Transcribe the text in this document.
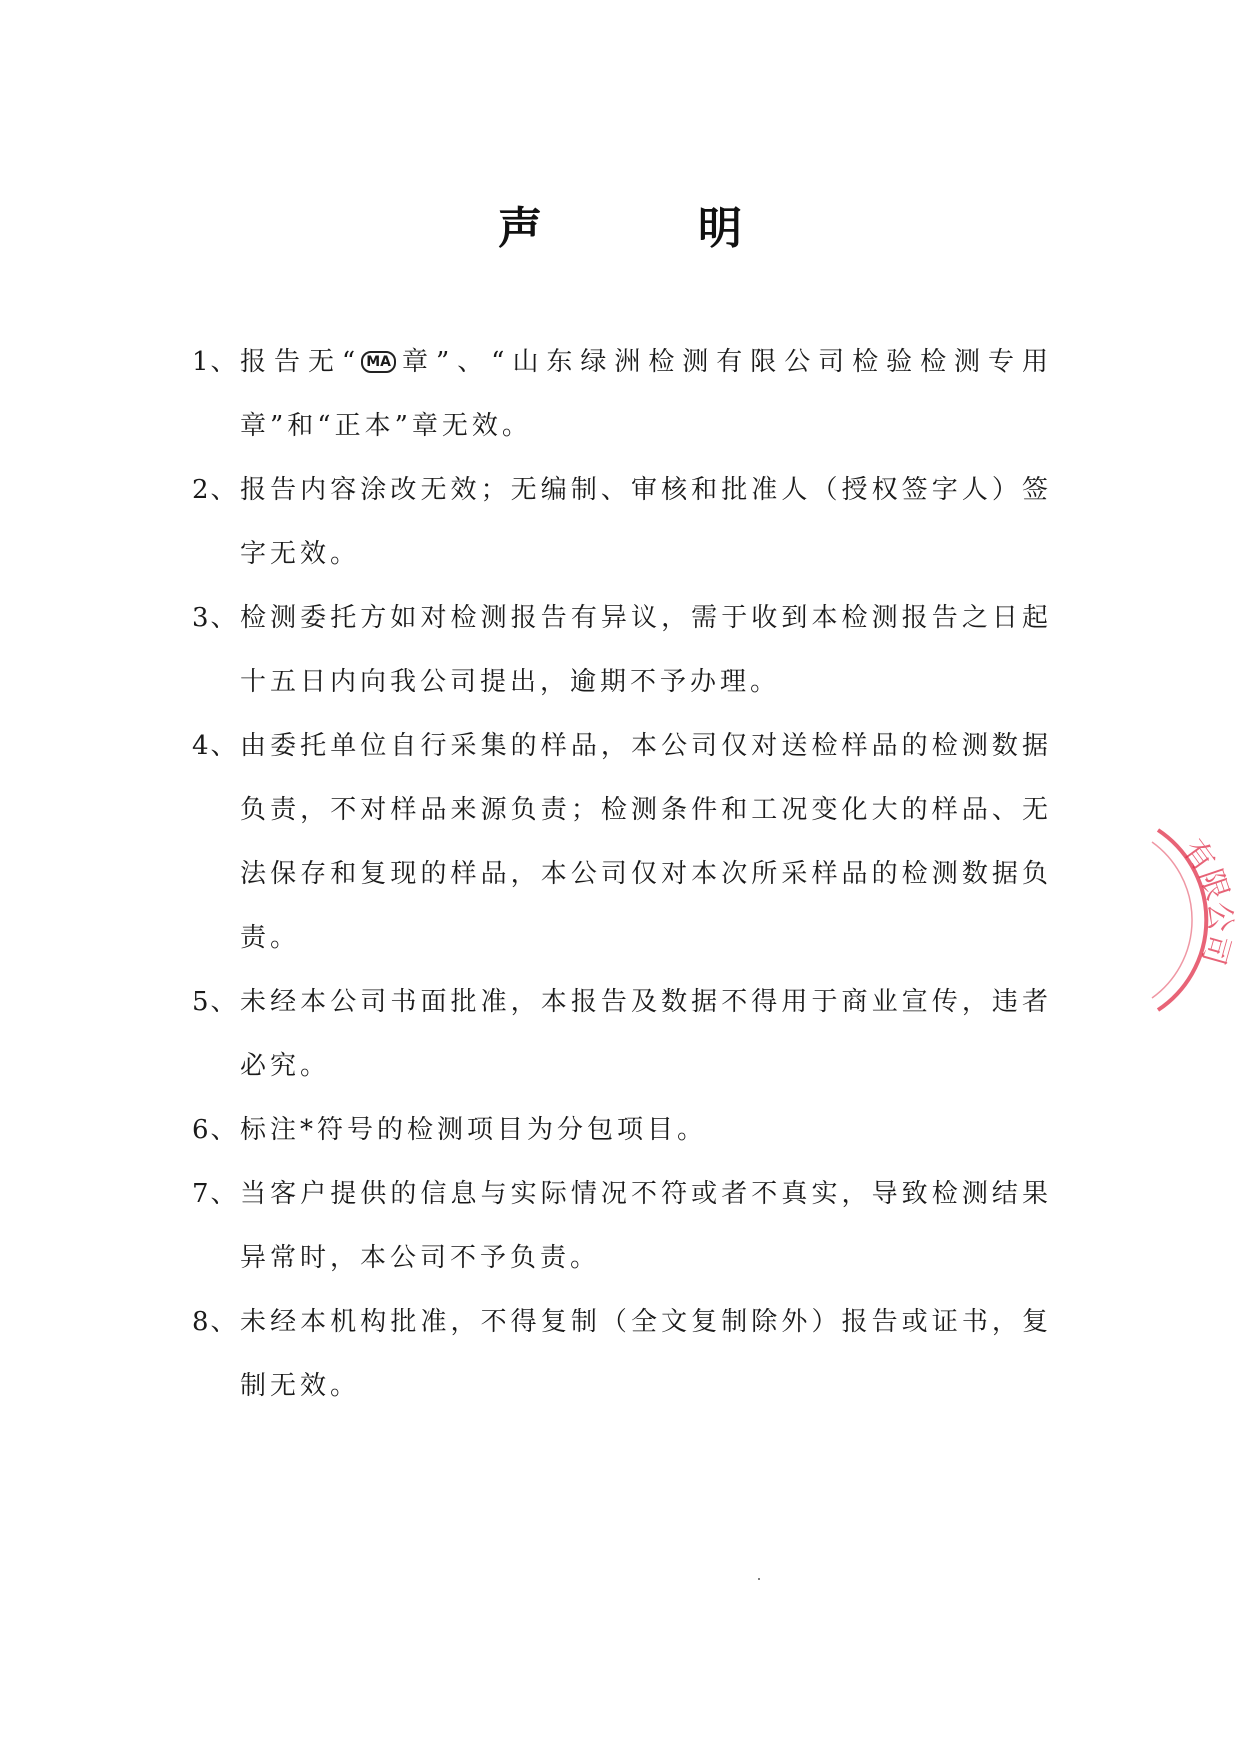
声　明
1、 报告无“ MA 章”、“山东绿洲检测有限公司检验检测专用章”和“正本”章无效。
2、 报告内容涂改无效；无编制、审核和批准人（授权签字人）签字无效。
3、 检测委托方如对检测报告有异议，需于收到本检测报告之日起十五日内向我公司提出，逾期不予办理。
4、 由委托单位自行采集的样品，本公司仅对送检样品的检测数据负责，不对样品来源负责；检测条件和工况变化大的样品、无法保存和复现的样品，本公司仅对本次所采样品的检测数据负责。
5、 未经本公司书面批准，本报告及数据不得用于商业宣传，违者必究。
6、 标注*符号的检测项目为分包项目。
7、 当客户提供的信息与实际情况不符或者不真实，导致检测结果异常时，本公司不予负责。
8、 未经本机构批准，不得复制（全文复制除外）报告或证书，复制无效。
有限公司
